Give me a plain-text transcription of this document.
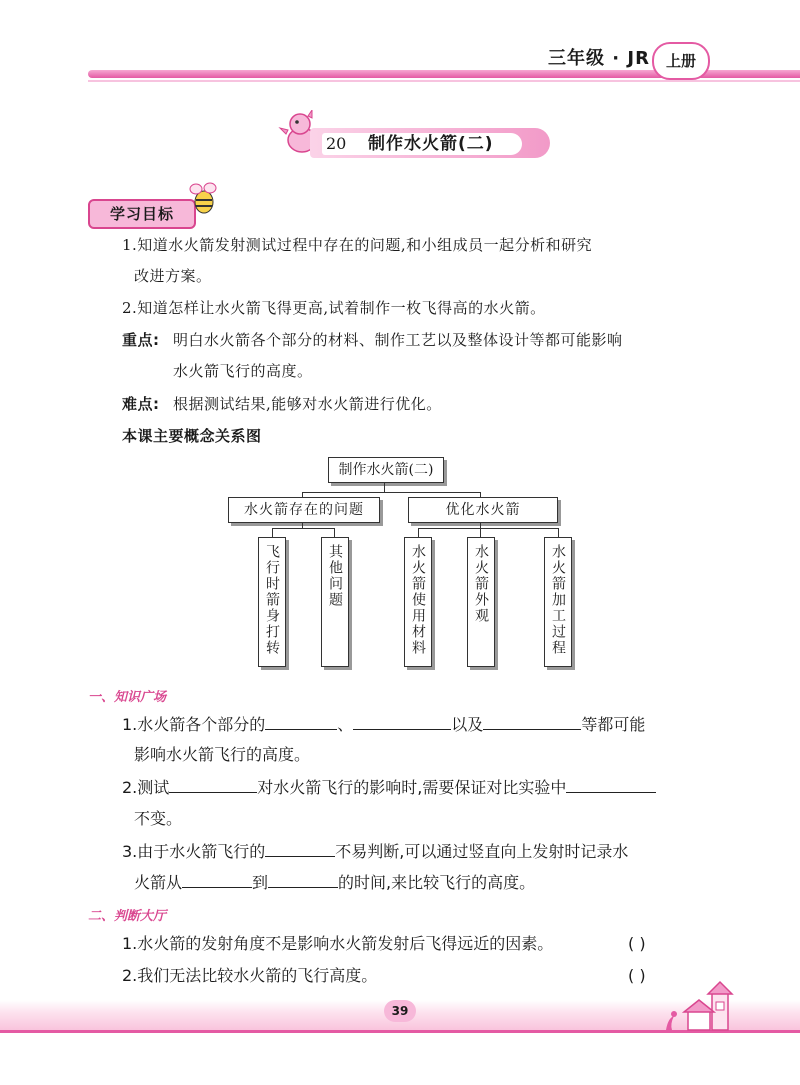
三年级 · JR	上册
20 制作水火箭(二)
学习目标
1.知道水火箭发射测试过程中存在的问题,和小组成员一起分析和研究
改进方案。
2.知道怎样让水火箭飞得更高,试着制作一枚飞得高的水火箭。
重点: 明白水火箭各个部分的材料、制作工艺以及整体设计等都可能影响
水火箭飞行的高度。
难点: 根据测试结果,能够对水火箭进行优化。
本课主要概念关系图
制作水火箭(二)
水火箭存在的问题	优化水火箭
飞行时箭身打转	其他问题	水火箭使用材料	水火箭外观	水火箭加工过程
一、知识广场
1.水火箭各个部分的	、	以及	等都可能
影响水火箭飞行的高度。
2.测试	对水火箭飞行的影响时,需要保证对比实验中
不变。
3.由于水火箭飞行的	不易判断,可以通过竖直向上发射时记录水
火箭从	到	的时间,来比较飞行的高度。
二、判断大厅
1.水火箭的发射角度不是影响水火箭发射后飞得远近的因素。	( )
2.我们无法比较水火箭的飞行高度。	( )
39
